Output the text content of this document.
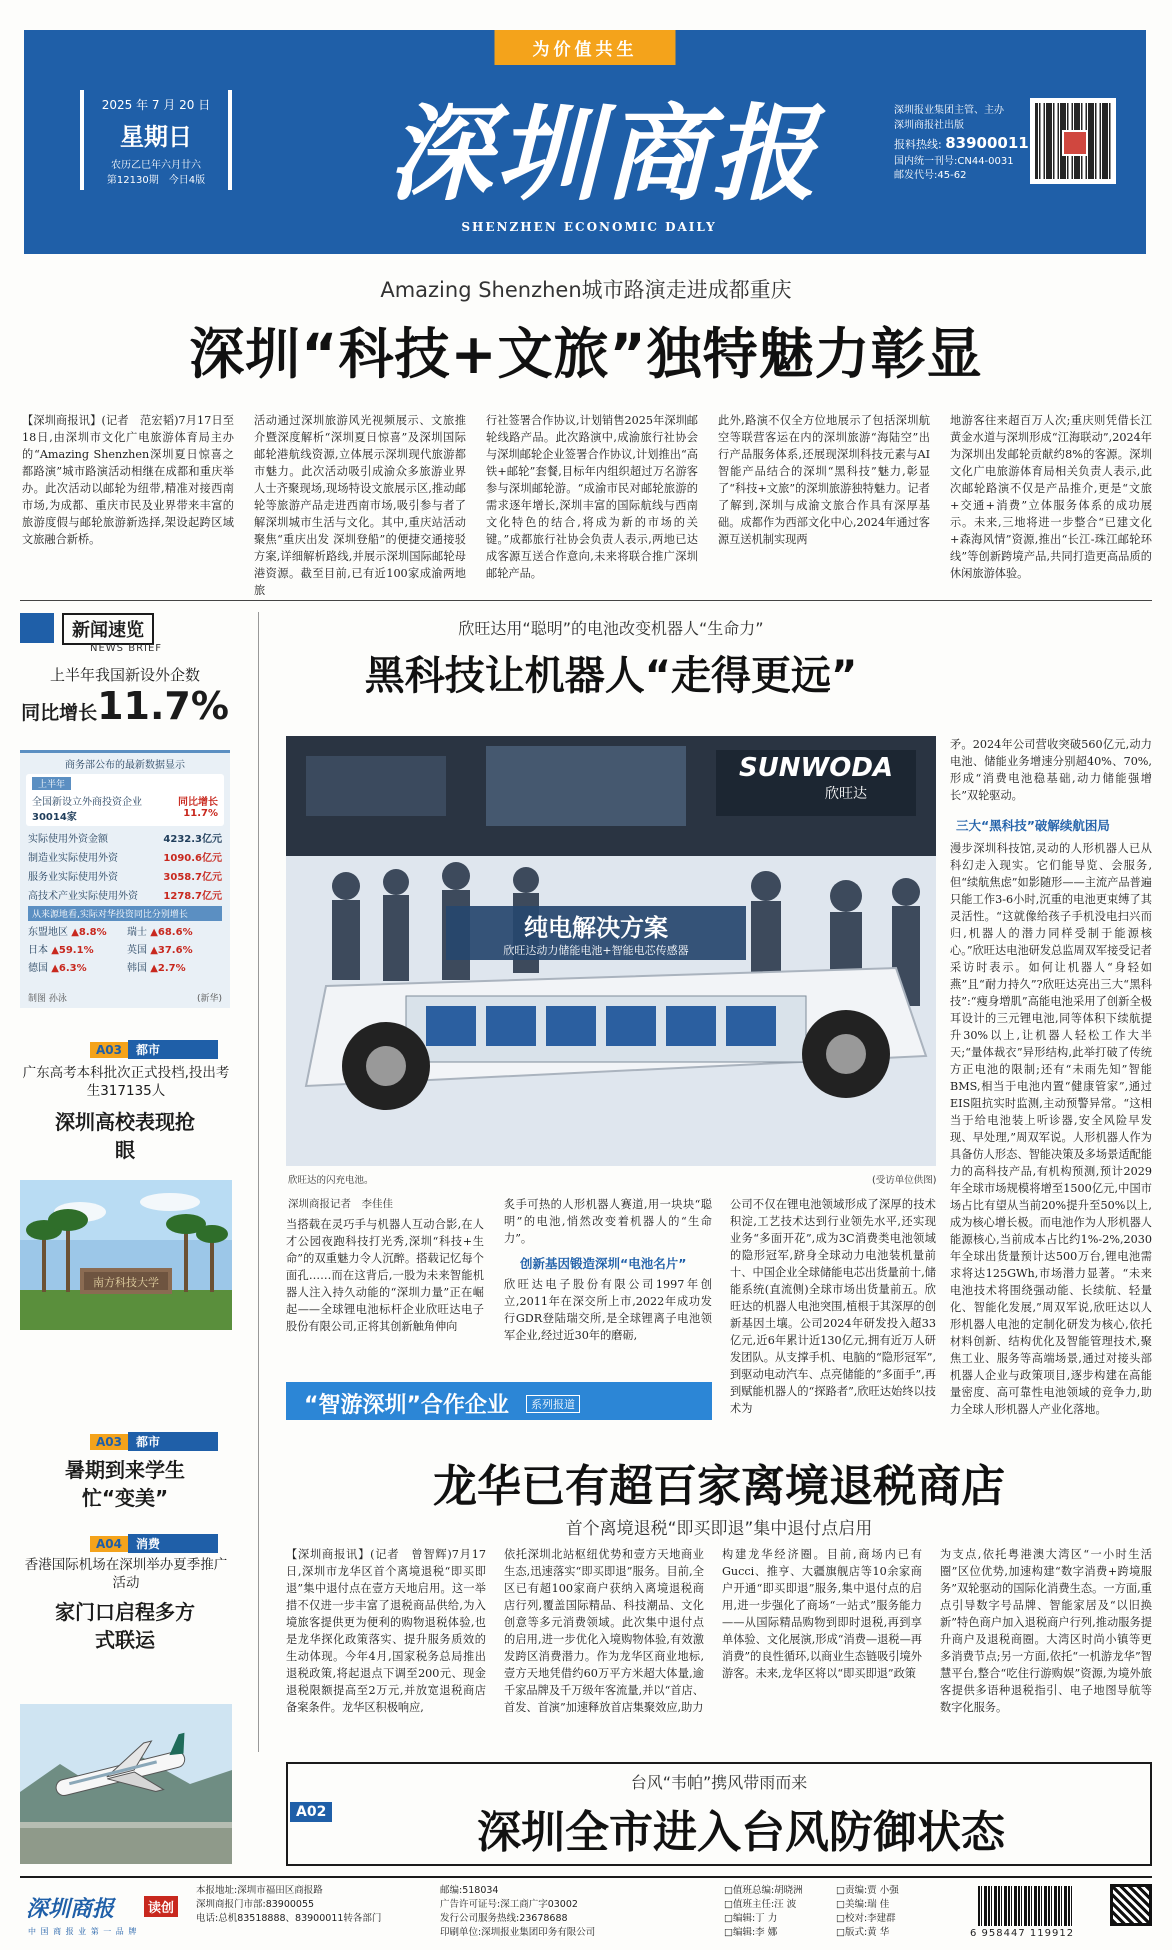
为价值共生
2025 年 7 月 20 日
星期日
农历乙巳年六月廿六
第12130期　今日4版	深圳商报
SHENZHEN ECONOMIC DAILY
深圳报业集团主管、主办
深圳商报社出版
报料热线: 83900011
国内统一刊号:CN44-0031
邮发代号:45-62
Amazing Shenzhen城市路演走进成都重庆
深圳“科技+文旅”独特魅力彰显
【深圳商报讯】(记者　范宏韬)7月17日至18日,由深圳市文化广电旅游体育局主办的“Amazing Shenzhen深圳夏日惊喜之都路演”城市路演活动相继在成都和重庆举办。此次活动以邮轮为纽带,精准对接西南市场,为成都、重庆市民及业界带来丰富的旅游度假与邮轮旅游新选择,架设起跨区域文旅融合新桥。
活动通过深圳旅游风光视频展示、文旅推介暨深度解析“深圳夏日惊喜”及深圳国际邮轮港航线资源,立体展示深圳现代旅游都市魅力。此次活动吸引成渝众多旅游业界人士齐聚现场,现场特设文旅展示区,推动邮轮等旅游产品走进西南市场,吸引参与者了解深圳城市生活与文化。其中,重庆站活动聚焦“重庆出发 深圳登船”的便捷交通接驳方案,详细解析路线,并展示深圳国际邮轮母港资源。截至目前,已有近100家成渝两地旅
行社签署合作协议,计划销售2025年深圳邮轮线路产品。此次路演中,成渝旅行社协会与深圳邮轮企业签署合作协议,计划推出“高铁+邮轮”套餐,目标年内组织超过万名游客参与深圳邮轮游。“成渝市民对邮轮旅游的需求逐年增长,深圳丰富的国际航线与西南文化特色的结合,将成为新的市场的关键。”成都旅行社协会负责人表示,两地已达成客源互送合作意向,未来将联合推广深圳邮轮产品。
此外,路演不仅全方位地展示了包括深圳航空等联营客运在内的深圳旅游“海陆空”出行产品服务体系,还展现深圳科技元素与AI智能产品结合的深圳“黑科技”魅力,彰显了“科技+文旅”的深圳旅游独特魅力。记者了解到,深圳与成渝文旅合作具有深厚基础。成都作为西部文化中心,2024年通过客源互送机制实现两
地游客往来超百万人次;重庆则凭借长江黄金水道与深圳形成“江海联动”,2024年为深圳出发邮轮贡献约8%的客源。深圳文化广电旅游体育局相关负责人表示,此次邮轮路演不仅是产品推介,更是“文旅+交通+消费”立体服务体系的成功展示。未来,三地将进一步整合“已建文化+森海风情”资源,推出“长江-珠江邮轮环线”等创新跨境产品,共同打造更高品质的休闲旅游体验。
新闻速览
NEWS BRIEF
上半年我国新设外企数
同比增长11.7%
商务部公布的最新数据显示
上半年
全国新设立外商投资企业	同比增长
30014家	11.7%
实际使用外资金额	4232.3亿元
制造业实际使用外资	1090.6亿元
服务业实际使用外资	3058.7亿元
高技术产业实际使用外资	1278.7亿元
从来源地看,实际对华投资同比分别增长
东盟地区 ▲8.8%	瑞士 ▲68.6%
日本 ▲59.1%	英国 ▲37.6%
德国 ▲6.3%	韩国 ▲2.7%
制图 孙泳	(新华)
A03 都市
广东高考本科批次正式投档,投出考生317135人
深圳高校表现抢眼
南方科技大学
A03 都市
暑期到来学生忙“变美”
A04 消费
香港国际机场在深圳举办夏季推广活动
家门口启程多方式联运
欣旺达用“聪明”的电池改变机器人“生命力”
黑科技让机器人“走得更远”
SUNWODA
欣旺达
纯电解决方案
欣旺达动力储能电池+智能电芯传感器
欣旺达的闪充电池。	(受访单位供图)
矛。2024年公司营收突破560亿元,动力电池、储能业务增速分别超40%、70%,形成“消费电池稳基础,动力储能强增长”双轮驱动。
三大“黑科技”破解续航困局
漫步深圳科技馆,灵动的人形机器人已从科幻走入现实。它们能导览、会服务,但“续航焦虑”如影随形——主流产品普遍只能工作3-6小时,沉重的电池更束缚了其灵活性。“这就像给孩子手机没电扫兴而归,机器人的潜力同样受制于能源核心。”欣旺达电池研发总监周双军接受记者采访时表示。如何让机器人“身轻如燕”且“耐力持久”?欣旺达亮出三大“黑科技”:“瘦身増肌”高能电池采用了创新全极耳设计的三元锂电池,同等体积下续航提升30%以上,让机器人轻松工作大半天;“量体裁衣”异形结构,此举打破了传统方正电池的限制;还有“未雨先知”智能BMS,相当于电池内置“健康管家”,通过EIS阻抗实时监测,主动预警异常。“这相当于给电池装上听诊器,安全风险早发现、早处理,”周双军说。人形机器人作为具备仿人形态、智能决策及多场景适配能力的高科技产品,有机构预测,预计2029年全球市场规模将增至1500亿元,中国市场占比有望从当前20%提升至50%以上,成为核心增长极。而电池作为人形机器人能源核心,当前成本占比约1%-2%,2030年全球出货量预计达500万台,锂电池需求将达125GWh,市场潜力显著。“未来电池技术将围绕强动能、长续航、轻量化、智能化发展,”周双军说,欣旺达以人形机器人电池的定制化研发为核心,依托材料创新、结构优化及智能管理技术,聚焦工业、服务等高端场景,通过对接头部机器人企业与政策项目,逐步构建在高能量密度、高可靠性电池领域的竞争力,助力全球人形机器人产业化落地。
深圳商报记者　李佳佳
当搭载在灵巧手与机器人互动合影,在人才公园夜跑科技打光秀,深圳“科技+生命”的双重魅力令人沉醉。搭载记忆每个面孔……而在这背后,一股为未来智能机器人注入持久动能的“深圳力量”正在崛起——全球锂电池标杆企业欣旺达电子股份有限公司,正将其创新触角伸向
炙手可热的人形机器人赛道,用一块块“聪明”的电池,悄然改变着机器人的“生命力”。
创新基因锻造深圳“电池名片”
欣旺达电子股份有限公司1997年创立,2011年在深交所上市,2022年成功发行GDR登陆瑞交所,是全球锂离子电池领军企业,经过近30年的磨砺,
公司不仅在锂电池领域形成了深厚的技术积淀,工艺技术达到行业领先水平,还实现业务“多面开花”,成为3C消费类电池领域的隐形冠军,跻身全球动力电池装机量前十、中国企业全球储能电芯出货量前十,储能系统(直流侧)全球市场出货量前五。欣旺达的机器人电池突围,植根于其深厚的创新基因土壤。公司2024年研发投入超33亿元,近6年累计近130亿元,拥有近万人研发团队。从支撑手机、电脑的“隐形冠军”,到驱动电动汽车、点亮储能的“多面手”,再到赋能机器人的“探路者”,欣旺达始终以技术为
“智游深圳”合作企业	系列报道
龙华已有超百家离境退税商店
首个离境退税“即买即退”集中退付点启用
【深圳商报讯】(记者　曾智辉)7月17日,深圳市龙华区首个离境退税“即买即退”集中退付点在壹方天地启用。这一举措不仅进一步丰富了退税商品供给,为入境旅客提供更为便利的购物退税体验,也是龙华探化政策落实、提升服务质效的生动体现。今年4月,国家税务总局推出退税政策,将起退点下调至200元、现金退税限额提高至2万元,并放宽退税商店备案条件。龙华区积极响应,
依托深圳北站枢纽优势和壹方天地商业生态,迅速落实“即买即退”服务。目前,全区已有超100家商户获纳入离境退税商店行列,覆盖国际精品、科技潮品、文化创意等多元消费领域。此次集中退付点的启用,进一步优化入境购物体验,有效激发跨区消费潜力。作为龙华区商业地标,壹方天地凭借约60万平方米超大体量,逾千家品牌及千万级年客流量,并以“首店、首发、首演”加速释放首店集聚效应,助力
构建龙华经济圈。目前,商场内已有Gucci、推亨、大疆旗舰店等10余家商户开通“即买即退”服务,集中退付点的启用,进一步强化了商场“一站式”服务能力——从国际精品购物到即时退税,再到享单体验、文化展演,形成“消费—退税—再消费”的良性循环,以商业生态链吸引境外游客。未来,龙华区将以“即买即退”政策
为支点,依托粤港澳大湾区“一小时生活圈”区位优势,加速构建“数字消费+跨境服务”双轮驱动的国际化消费生态。一方面,重点引导数字号品牌、智能家居及“以旧换新”特色商户加入退税商户行列,推动服务提升商户及退税商圈。大湾区时尚小镇等更多消费节点;另一方面,依托“一机游龙华”智慧平台,整合“吃住行游购娱”资源,为境外旅客提供多语种退税指引、电子地图导航等数字化服务。
台风“韦帕”携风带雨而来
A02	深圳全市进入台风防御状态
深圳商报	读创
中 国 商 报 业 第 一 品 牌
本报地址:深圳市福田区商报路
深圳商报门市部:83900055
电话:总机83518888、83900011转各部门
邮编:518034
广告许可证号:深工商广字03002
发行公司服务热线:23678688
印刷单位:深圳报业集团印务有限公司
□值班总编:胡晓洲
□值班主任:汪 波
□编辑:丁 力
□编辑:李 娜
□责编:贾 小强
□美编:瑞 佳
□校对:李建群
□版式:黄 华	6 958447 119912
